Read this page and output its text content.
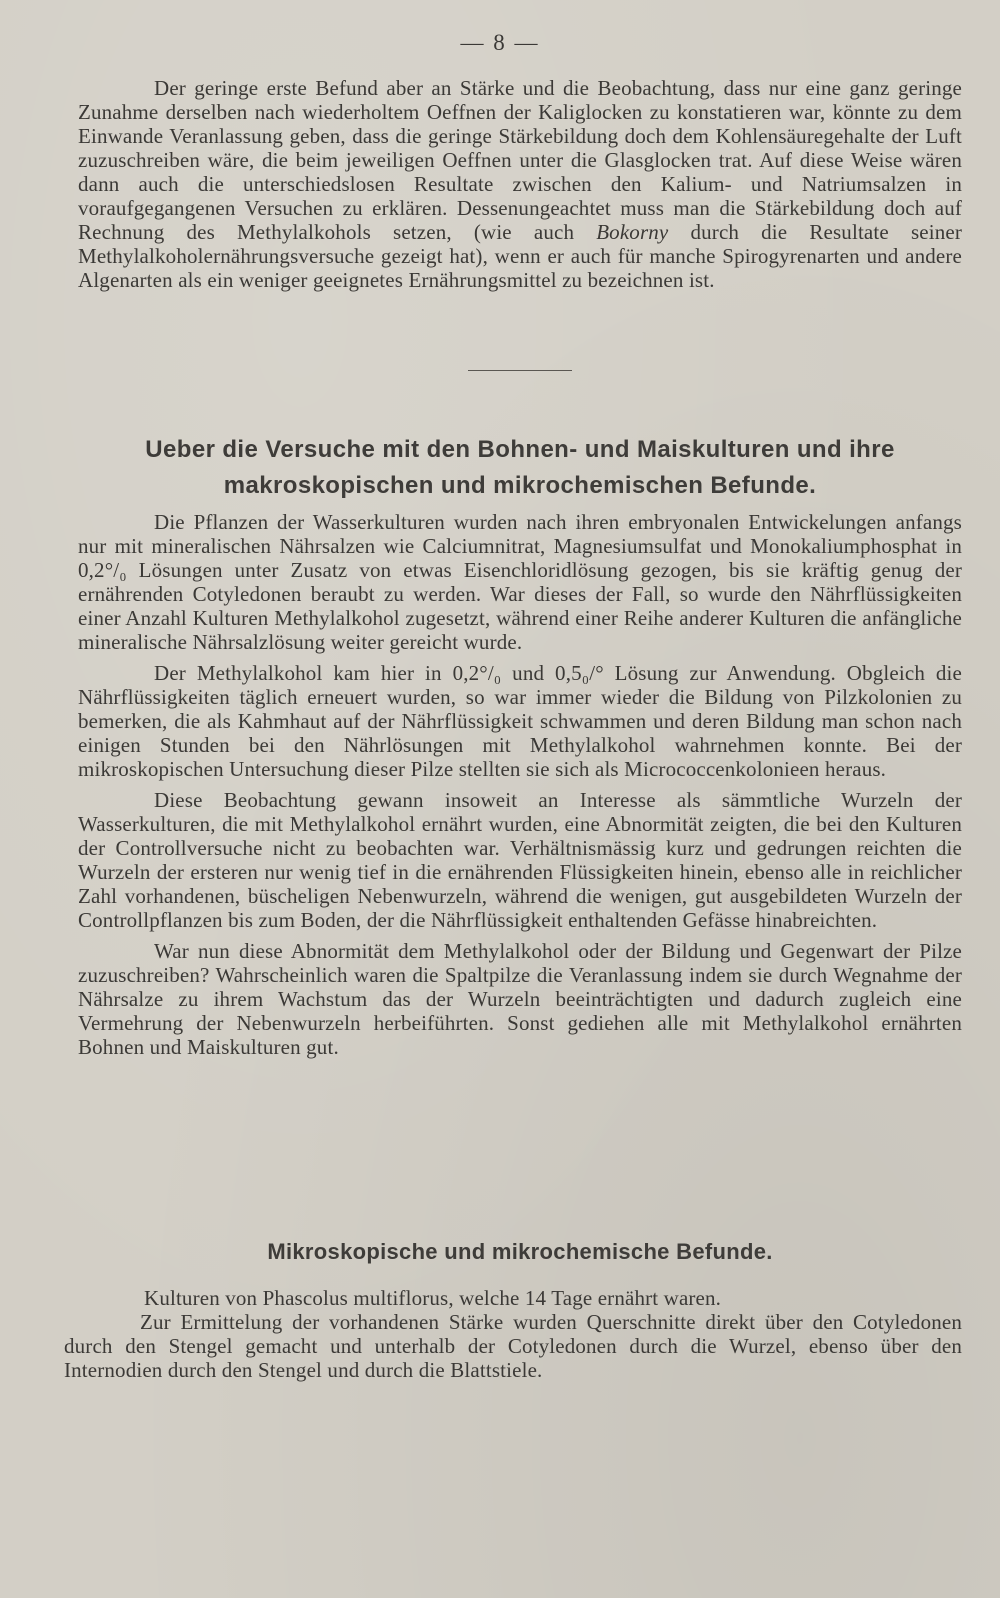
— 8 —

Der geringe erste Befund aber an Stärke und die Beobachtung, dass nur eine ganz geringe Zunahme derselben nach wiederholtem Oeffnen der Kaliglocken zu konstatieren war, könnte zu dem Einwande Veranlassung geben, dass die geringe Stärkebildung doch dem Kohlensäuregehalte der Luft zuzuschreiben wäre, die beim jeweiligen Oeffnen unter die Glasglocken trat. Auf diese Weise wären dann auch die unterschiedslosen Resultate zwischen den Kalium- und Natriumsalzen in voraufgegangenen Versuchen zu erklären. Dessenungeachtet muss man die Stärkebildung doch auf Rechnung des Methylalkohols setzen, (wie auch Bokorny durch die Resultate seiner Methylalkoholernährungsversuche gezeigt hat), wenn er auch für manche Spirogyrenarten und andere Algenarten als ein weniger geeignetes Ernährungsmittel zu bezeichnen ist.

Ueber die Versuche mit den Bohnen- und Maiskulturen und ihre
makroskopischen und mikrochemischen Befunde.

Die Pflanzen der Wasserkulturen wurden nach ihren embryonalen Entwickelungen anfangs nur mit mineralischen Nährsalzen wie Calciumnitrat, Magnesiumsulfat und Monokaliumphosphat in 0,2°/₀ Lösungen unter Zusatz von etwas Eisenchloridlösung gezogen, bis sie kräftig genug der ernährenden Cotyledonen beraubt zu werden. War dieses der Fall, so wurde den Nährflüssigkeiten einer Anzahl Kulturen Methylalkohol zugesetzt, während einer Reihe anderer Kulturen die anfängliche mineralische Nährsalzlösung weiter gereicht wurde.

Der Methylalkohol kam hier in 0,2°/₀ und 0,5₀/° Lösung zur Anwendung. Obgleich die Nährflüssigkeiten täglich erneuert wurden, so war immer wieder die Bildung von Pilzkolonien zu bemerken, die als Kahmhaut auf der Nährflüssigkeit schwammen und deren Bildung man schon nach einigen Stunden bei den Nährlösungen mit Methylalkohol wahrnehmen konnte. Bei der mikroskopischen Untersuchung dieser Pilze stellten sie sich als Micrococcenkolonieen heraus.

Diese Beobachtung gewann insoweit an Interesse als sämmtliche Wurzeln der Wasserkulturen, die mit Methylalkohol ernährt wurden, eine Abnormität zeigten, die bei den Kulturen der Controllversuche nicht zu beobachten war. Verhältnismässig kurz und gedrungen reichten die Wurzeln der ersteren nur wenig tief in die ernährenden Flüssigkeiten hinein, ebenso alle in reichlicher Zahl vorhandenen, büscheligen Nebenwurzeln, während die wenigen, gut ausgebildeten Wurzeln der Controllpflanzen bis zum Boden, der die Nährflüssigkeit enthaltenden Gefässe hinabreichten.

War nun diese Abnormität dem Methylalkohol oder der Bildung und Gegenwart der Pilze zuzuschreiben? Wahrscheinlich waren die Spaltpilze die Veranlassung indem sie durch Wegnahme der Nährsalze zu ihrem Wachstum das der Wurzeln beeinträchtigten und dadurch zugleich eine Vermehrung der Nebenwurzeln herbeiführten. Sonst gediehen alle mit Methylalkohol ernährten Bohnen und Maiskulturen gut.

Mikroskopische und mikrochemische Befunde.

Kulturen von Phascolus multiflorus, welche 14 Tage ernährt waren.

Zur Ermittelung der vorhandenen Stärke wurden Querschnitte direkt über den Cotyledonen durch den Stengel gemacht und unterhalb der Cotyledonen durch die Wurzel, ebenso über den Internodien durch den Stengel und durch die Blattstiele.
